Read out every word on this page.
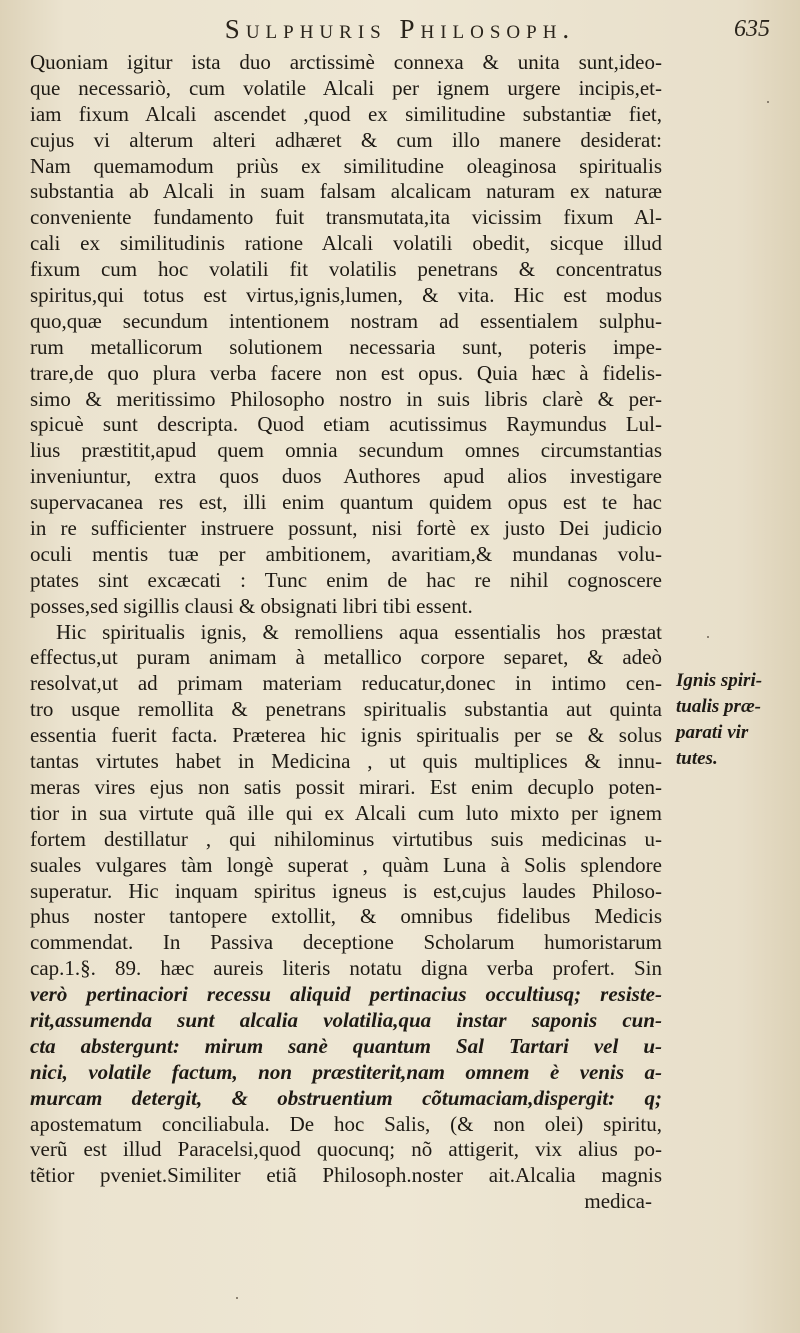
Sulphuris Philosoph.	635
Quoniam igitur ista duo arctissimè connexa & unita sunt,ideo-
que necessariò, cum volatile Alcali per ignem urgere incipis,et-
iam fixum Alcali ascendet ,quod ex similitudine substantiæ fiet,
cujus vi alterum alteri adhæret & cum illo manere desiderat:
Nam quemamodum priùs ex similitudine oleaginosa spiritualis
substantia ab Alcali in suam falsam alcalicam naturam ex naturæ
conveniente fundamento fuit transmutata,ita vicissim fixum Al-
cali ex similitudinis ratione Alcali volatili obedit, sicque illud
fixum cum hoc volatili fit volatilis penetrans & concentratus
spiritus,qui totus est virtus,ignis,lumen, & vita. Hic est modus
quo,quæ secundum intentionem nostram ad essentialem sulphu-
rum metallicorum solutionem necessaria sunt, poteris impe-
trare,de quo plura verba facere non est opus. Quia hæc à fidelis-
simo & meritissimo Philosopho nostro in suis libris clarè & per-
spicuè sunt descripta. Quod etiam acutissimus Raymundus Lul-
lius præstitit,apud quem omnia secundum omnes circumstantias
inveniuntur, extra quos duos Authores apud alios investigare
supervacanea res est, illi enim quantum quidem opus est te hac
in re sufficienter instruere possunt, nisi fortè ex justo Dei judicio
oculi mentis tuæ per ambitionem, avaritiam,& mundanas volu-
ptates sint excæcati : Tunc enim de hac re nihil cognoscere
posses,sed sigillis clausi & obsignati libri tibi essent.
Hic spiritualis ignis, & remolliens aqua essentialis hos præstat
effectus,ut puram animam à metallico corpore separet, & adeò
resolvat,ut ad primam materiam reducatur,donec in intimo cen-
tro usque remollita & penetrans spiritualis substantia aut quinta
essentia fuerit facta. Præterea hic ignis spiritualis per se & solus
tantas virtutes habet in Medicina , ut quis multiplices & innu-
meras vires ejus non satis possit mirari. Est enim decuplo poten-
tior in sua virtute quã ille qui ex Alcali cum luto mixto per ignem
fortem destillatur , qui nihilominus virtutibus suis medicinas u-
suales vulgares tàm longè superat , quàm Luna à Solis splendore
superatur. Hic inquam spiritus igneus is est,cujus laudes Philoso-
phus noster tantopere extollit, & omnibus fidelibus Medicis
commendat. In Passiva deceptione Scholarum humoristarum
cap.1.§. 89. hæc aureis literis notatu digna verba profert. Sin
verò pertinaciori recessu aliquid pertinacius occultiusq; resiste-
rit,assumenda sunt alcalia volatilia,qua instar saponis cun-
cta abstergunt: mirum sanè quantum Sal Tartari vel u-
nici, volatile factum, non præstiterit,nam omnem è venis a-
murcam detergit, & obstruentium cõtumaciam,dispergit: q;
apostematum conciliabula. De hoc Salis, (& non olei) spiritu,
verũ est illud Paracelsi,quod quocunq; nõ attigerit, vix alius po-
tẽtior pveniet.Similiter etiã Philosoph.noster ait.Alcalia magnis
medica-
Ignis spiri-
tualis præ-
parati vir
tutes.
